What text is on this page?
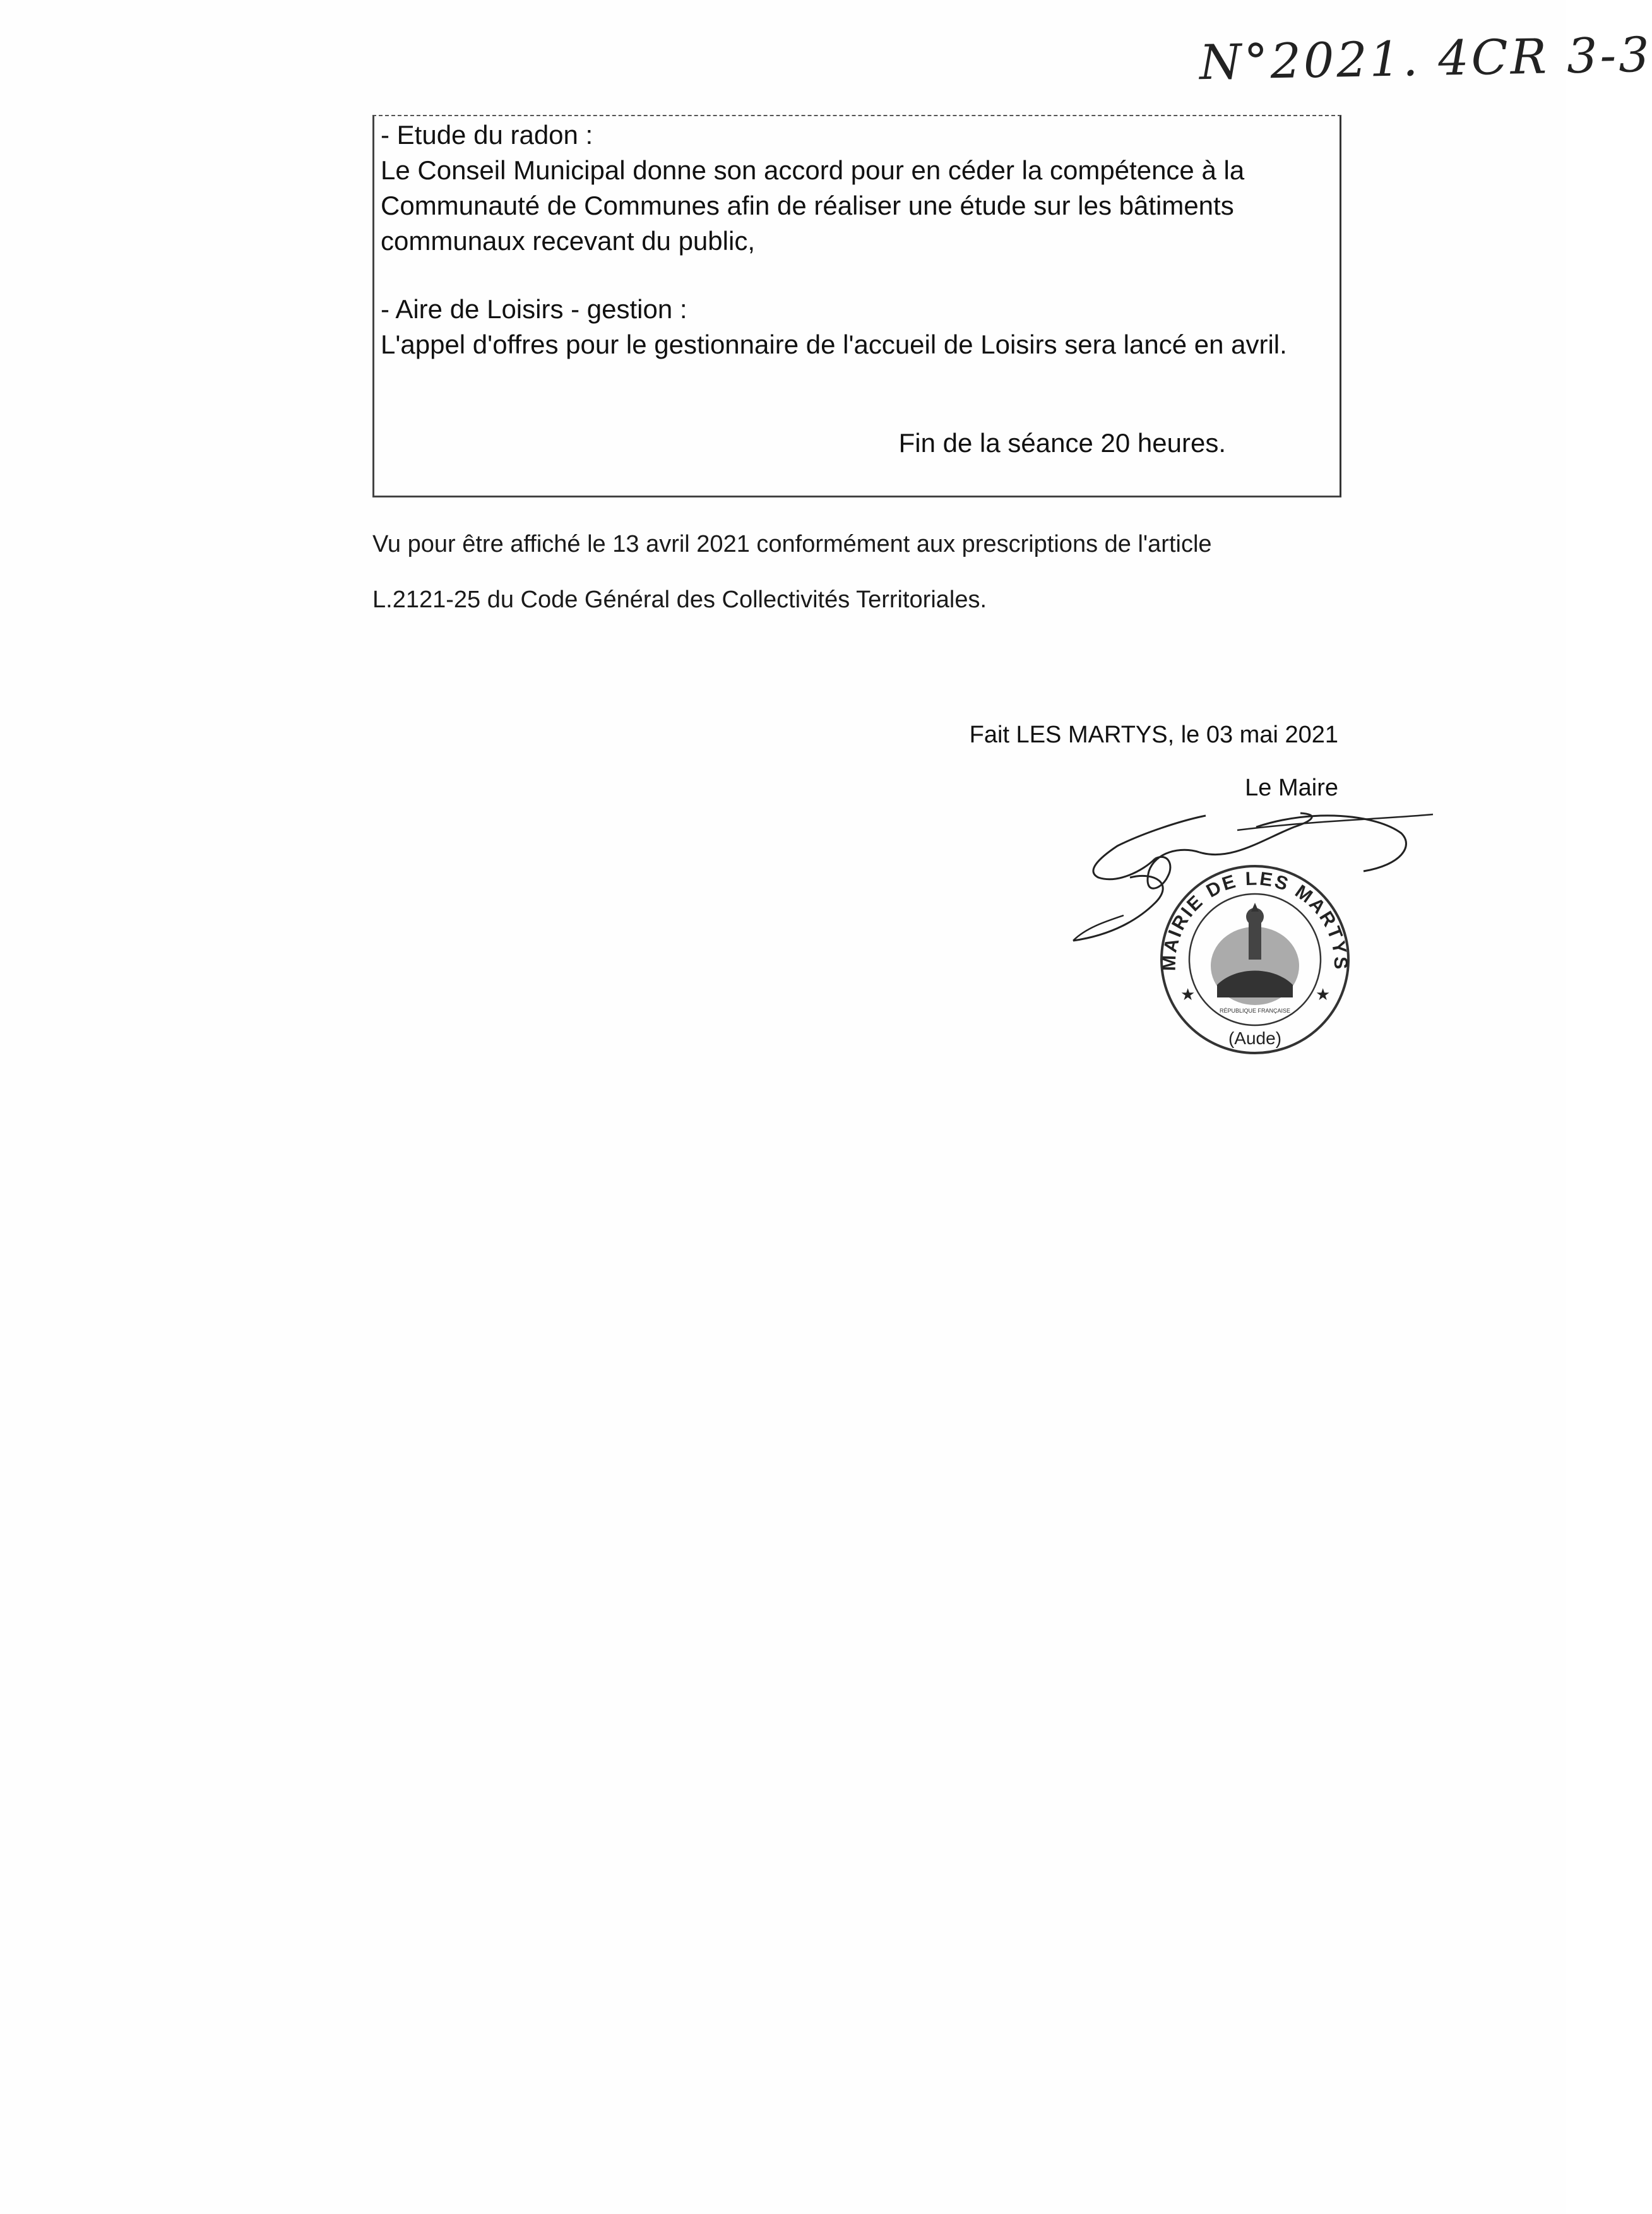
N°2021. 4CR 3-3
- Etude du radon :
Le Conseil Municipal donne son accord pour en céder la compétence à la Communauté de Communes afin de réaliser une étude sur les bâtiments communaux recevant du public,
- Aire de Loisirs - gestion :
L'appel d'offres pour le gestionnaire de l'accueil de Loisirs sera lancé en avril.
Fin de la séance 20 heures.

Vu pour être affiché le 13 avril 2021 conformément aux prescriptions de l'article

L.2121-25 du Code Général des Collectivités Territoriales.

Fait LES MARTYS, le 03 mai 2021

Le Maire

MAIRIE DE LES MARTYS
★	★
(Aude)
RÉPUBLIQUE FRANÇAISE
